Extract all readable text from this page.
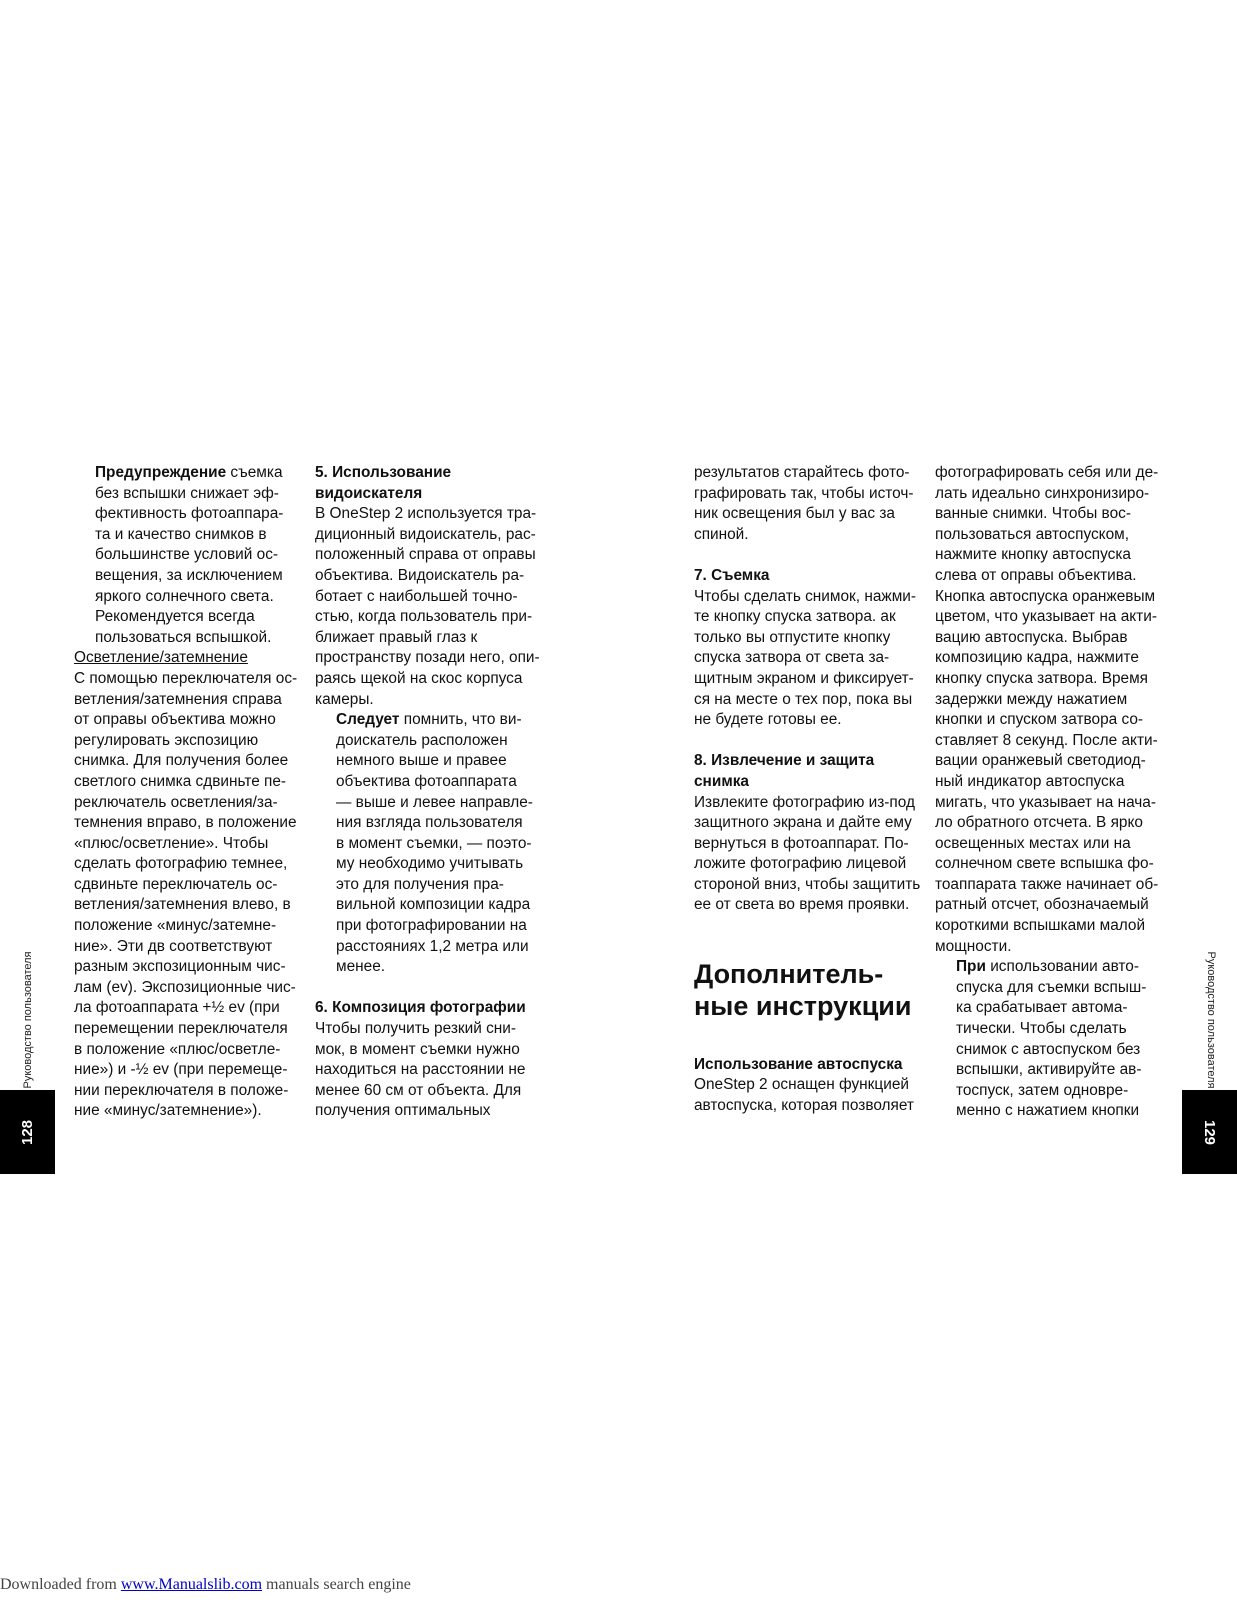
Предупреждение съемка
без вспышки снижает эф-
фективность фотоаппара-
та и качество снимков в
большинстве условий ос-
вещения, за исключением
яркого солнечного света.
Рекомендуется всегда
пользоваться вспышкой.
Осветление/затемнение
С помощью переключателя ос-
ветления/затемнения справа
от оправы объектива можно
регулировать экспозицию
снимка. Для получения более
светлого снимка сдвиньте пе-
реключатель осветления/за-
темнения вправо, в положение
«плюс/осветление». Чтобы
сделать фотографию темнее,
сдвиньте переключатель ос-
ветления/затемнения влево, в
положение «минус/затемне-
ние». Эти дв соответствуют
разным экспозиционным чис-
лам (ev). Экспозиционные чис-
ла фотоаппарата +½ ev (при
перемещении переключателя
в положение «плюс/осветле-
ние») и -½ ev (при перемеще-
нии переключателя в положе-
ние «минус/затемнение»).
5. Использование
видоискателя
В OneStep 2 используется тра-
диционный видоискатель, рас-
положенный справа от оправы
объектива. Видоискатель ра-
ботает с наибольшей точно-
стью, когда пользователь при-
ближает правый глаз к
пространству позади него, опи-
раясь щекой на скос корпуса
камеры.
Следует помнить, что ви-
доискатель расположен
немного выше и правее
объектива фотоаппарата
— выше и левее направле-
ния взгляда пользователя
в момент съемки, — поэто-
му необходимо учитывать
это для получения пра-
вильной композиции кадра
при фотографировании на
расстояниях 1,2 метра или
менее.
6. Композиция фотографии
Чтобы получить резкий сни-
мок, в момент съемки нужно
находиться на расстоянии не
менее 60 см от объекта. Для
получения оптимальных
результатов старайтесь фото-
графировать так, чтобы источ-
ник освещения был у вас за
спиной.
7. Съемка
Чтобы сделать снимок, нажми-
те кнопку спуска затвора. ак
только вы отпустите кнопку
спуска затвора от света за-
щитным экраном и фиксирует-
ся на месте о тех пор, пока вы
не будете готовы ее.
8. Извлечение и защита
снимка
Извлеките фотографию из-под
защитного экрана и дайте ему
вернуться в фотоаппарат. По-
ложите фотографию лицевой
стороной вниз, чтобы защитить
ее от света во время проявки.
Дополнитель-
ные инструкции
Использование автоспуска
OneStep 2 оснащен функцией
автоспуска, которая позволяет
фотографировать себя или де-
лать идеально синхронизиро-
ванные снимки. Чтобы вос-
пользоваться автоспуском,
нажмите кнопку автоспуска
слева от оправы объектива.
Кнопка автоспуска оранжевым
цветом, что указывает на акти-
вацию автоспуска. Выбрав
композицию кадра, нажмите
кнопку спуска затвора. Время
задержки между нажатием
кнопки и спуском затвора со-
ставляет 8 секунд. После акти-
вации оранжевый светодиод-
ный индикатор автоспуска
мигать, что указывает на нача-
ло обратного отсчета. В ярко
освещенных местах или на
солнечном свете вспышка фо-
тоаппарата также начинает об-
ратный отсчет, обозначаемый
короткими вспышками малой
мощности.
При использовании авто-
спуска для съемки вспыш-
ка срабатывает автома-
тически. Чтобы сделать
снимок с автоспуском без
вспышки, активируйте ав-
тоспуск, затем одновре-
менно с нажатием кнопки
Руководство пользователя
128
Руководство пользователя
129
Downloaded from www.Manualslib.com manuals search engine
